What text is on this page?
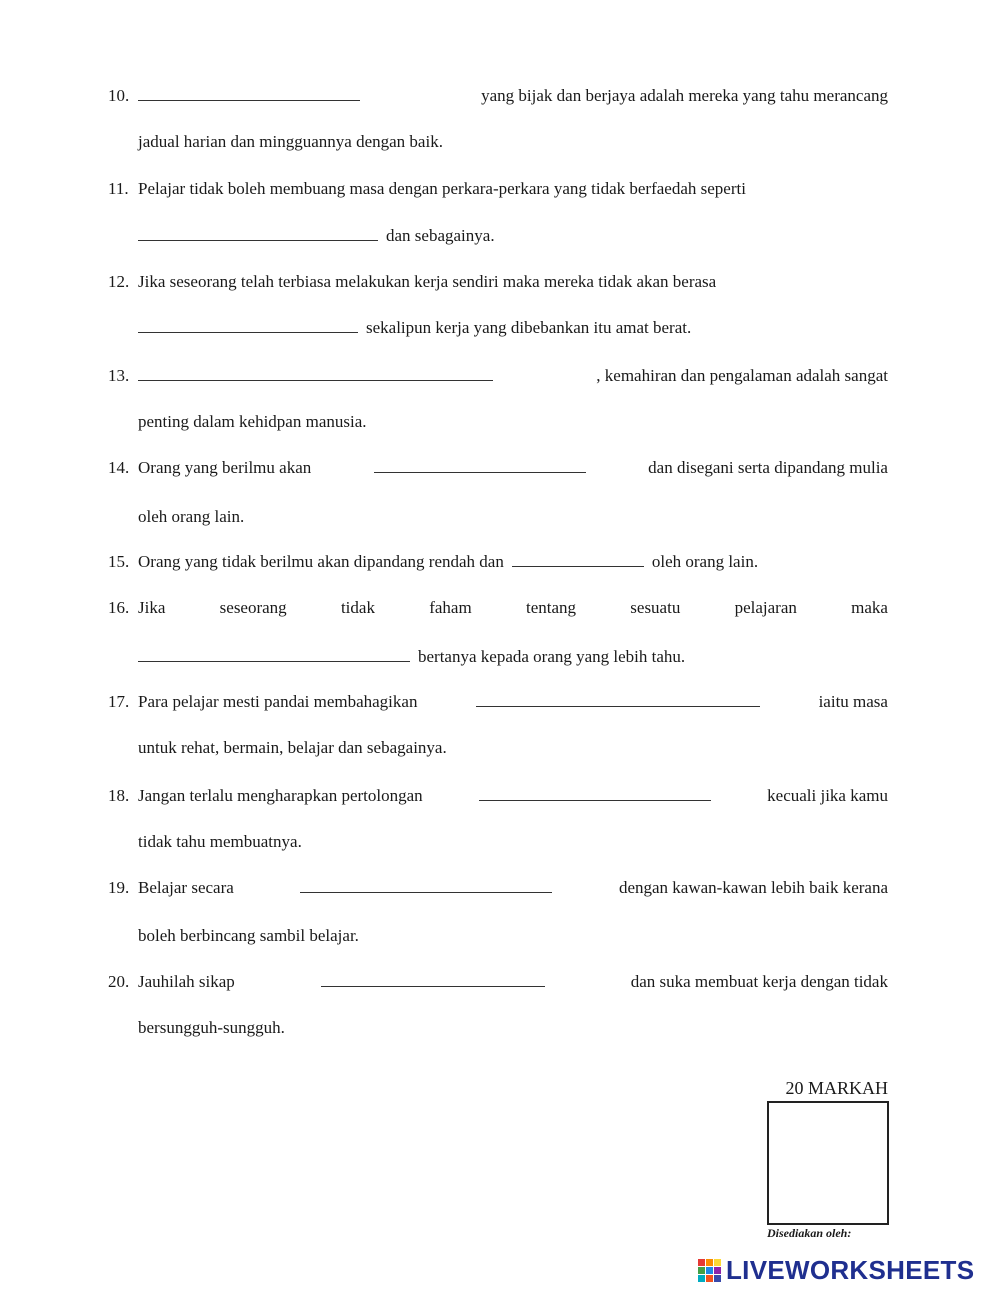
10.	yang bijak dan berjaya adalah mereka yang tahu merancang
jadual harian dan mingguannya dengan baik.
11. Pelajar tidak boleh membuang masa dengan perkara-perkara yang tidak berfaedah seperti
dan sebagainya.
12. Jika seseorang telah terbiasa melakukan kerja sendiri maka mereka tidak akan berasa
sekalipun kerja yang dibebankan itu amat berat.
13.	, kemahiran dan pengalaman adalah sangat
penting dalam kehidpan manusia.
14. Orang yang berilmu akan	dan disegani serta dipandang mulia
oleh orang lain.
15. Orang yang tidak berilmu akan dipandang rendah dan	oleh orang lain.
16. Jika	seseorang	tidak	faham	tentang	sesuatu	pelajaran	maka
bertanya kepada orang yang lebih tahu.
17. Para pelajar mesti pandai membahagikan	iaitu masa
untuk rehat, bermain, belajar dan sebagainya.
18. Jangan terlalu mengharapkan pertolongan	kecuali jika kamu
tidak tahu membuatnya.
19. Belajar secara	dengan kawan-kawan lebih baik kerana
boleh berbincang sambil belajar.
20. Jauhilah sikap	dan suka membuat kerja dengan tidak
bersungguh-sungguh.
20 MARKAH
Disediakan oleh:
LIVEWORKSHEETS
